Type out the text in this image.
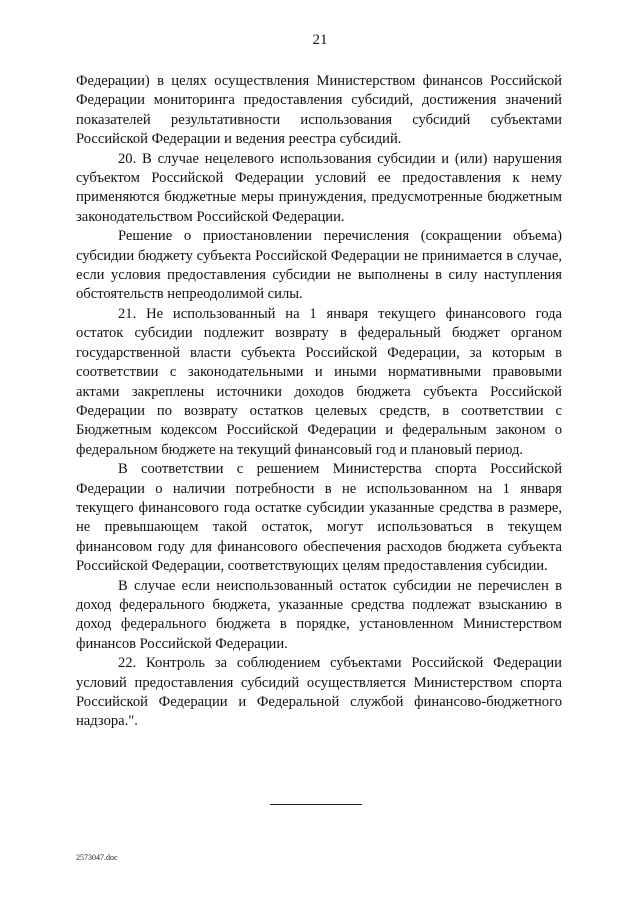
21

Федерации) в целях осуществления Министерством финансов Российской Федерации мониторинга предоставления субсидий, достижения значений показателей результативности использования субсидий субъектами Российской Федерации и ведения реестра субсидий.

20. В случае нецелевого использования субсидии и (или) нарушения субъектом Российской Федерации условий ее предоставления к нему применяются бюджетные меры принуждения, предусмотренные бюджетным законодательством Российской Федерации.

Решение о приостановлении перечисления (сокращении объема) субсидии бюджету субъекта Российской Федерации не принимается в случае, если условия предоставления субсидии не выполнены в силу наступления обстоятельств непреодолимой силы.

21. Не использованный на 1 января текущего финансового года остаток субсидии подлежит возврату в федеральный бюджет органом государственной власти субъекта Российской Федерации, за которым в соответствии с законодательными и иными нормативными правовыми актами закреплены источники доходов бюджета субъекта Российской Федерации по возврату остатков целевых средств, в соответствии с Бюджетным кодексом Российской Федерации и федеральным законом о федеральном бюджете на текущий финансовый год и плановый период.

В соответствии с решением Министерства спорта Российской Федерации о наличии потребности в не использованном на 1 января текущего финансового года остатке субсидии указанные средства в размере, не превышающем такой остаток, могут использоваться в текущем финансовом году для финансового обеспечения расходов бюджета субъекта Российской Федерации, соответствующих целям предоставления субсидии.

В случае если неиспользованный остаток субсидии не перечислен в доход федерального бюджета, указанные средства подлежат взысканию в доход федерального бюджета в порядке, установленном Министерством финансов Российской Федерации.

22. Контроль за соблюдением субъектами Российской Федерации условий предоставления субсидий осуществляется Министерством спорта Российской Федерации и Федеральной службой финансово-бюджетного надзора.".

2573047.doc
